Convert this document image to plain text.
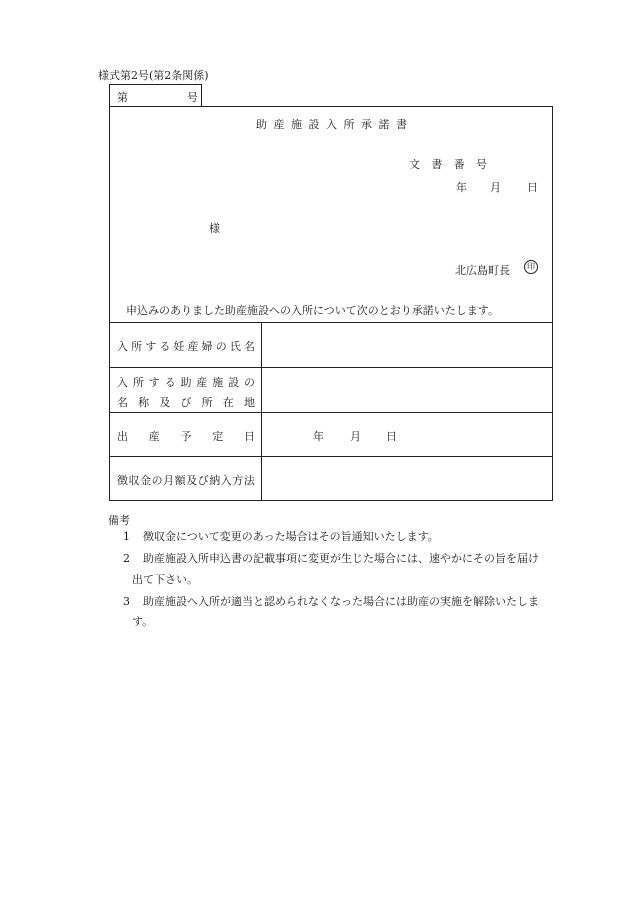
様式第2号(第2条関係)
第	号
助 産 施 設 入 所 承 諾 書
文 書 番 号
年 月 日
様
北広島町長	印
申込みのありました助産施設への入所について次のとおり承諾いたします。
入 所 す る 妊 産 婦 の 氏 名
入 所 す る 助 産 施 設 の
名 称 及 び 所 在 地
出 産 予 定 日	年 月 日
徴 収 金 の 月 額 及 び 納 入 方 法
備考
1 徴収金について変更のあった場合はその旨通知いたします。
2 助産施設入所申込書の記載事項に変更が生じた場合には、速やかにその旨を届け
出て下さい。
3 助産施設へ入所が適当と認められなくなった場合には助産の実施を解除いたしま
す。
